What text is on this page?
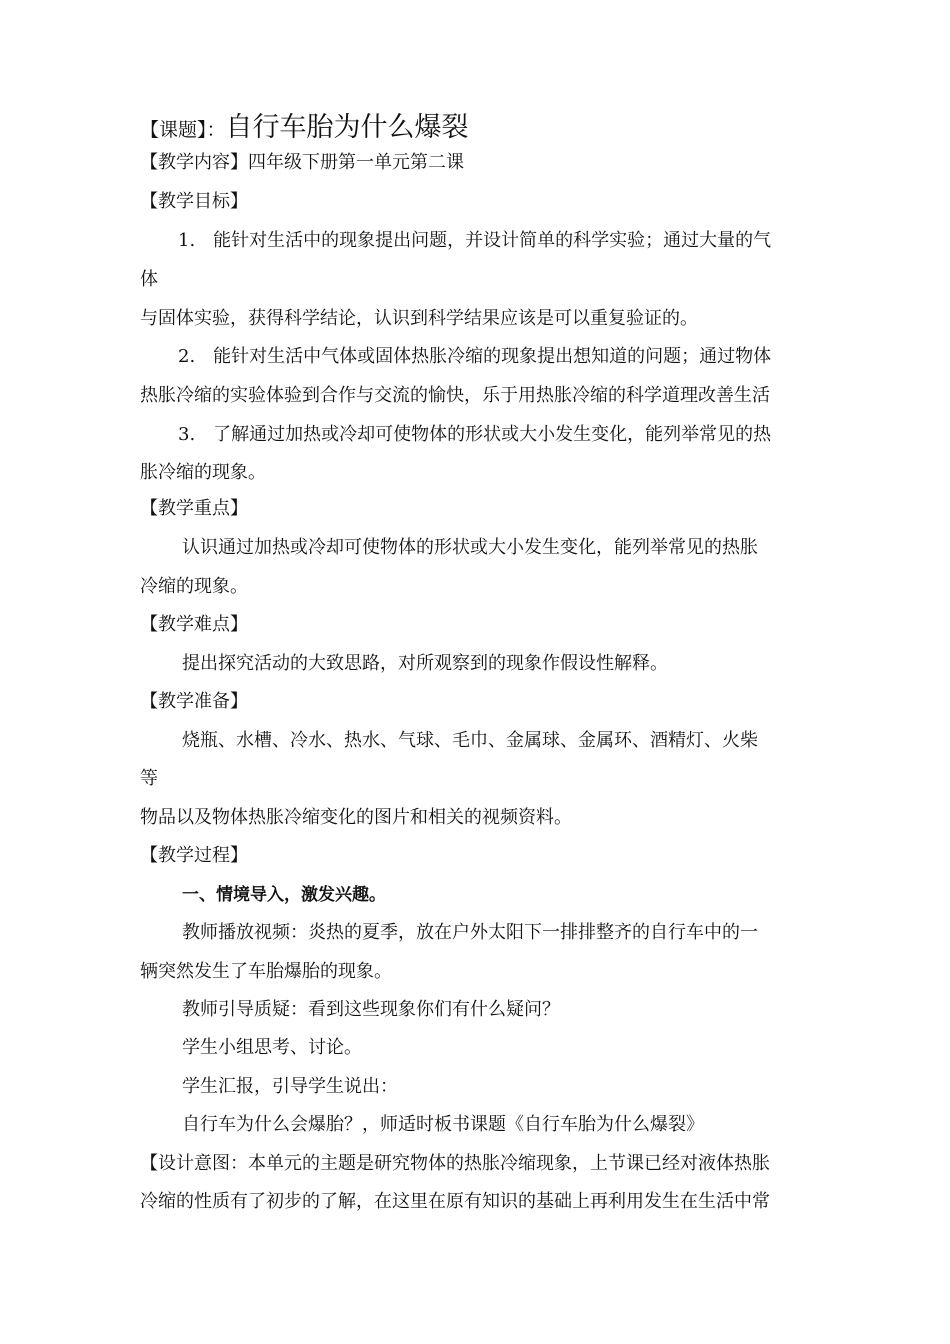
【课题】：自行车胎为什么爆裂
【教学内容】四年级下册第一单元第二课
【教学目标】
1.　能针对生活中的现象提出问题，并设计简单的科学实验；通过大量的气
体
与固体实验，获得科学结论，认识到科学结果应该是可以重复验证的。
2.　能针对生活中气体或固体热胀冷缩的现象提出想知道的问题；通过物体
热胀冷缩的实验体验到合作与交流的愉快，乐于用热胀冷缩的科学道理改善生活
3.　了解通过加热或冷却可使物体的形状或大小发生变化，能列举常见的热
胀冷缩的现象。
【教学重点】
认识通过加热或冷却可使物体的形状或大小发生变化，能列举常见的热胀
冷缩的现象。
【教学难点】
提出探究活动的大致思路，对所观察到的现象作假设性解释。
【教学准备】
烧瓶、水槽、冷水、热水、气球、毛巾、金属球、金属环、酒精灯、火柴
等
物品以及物体热胀冷缩变化的图片和相关的视频资料。
【教学过程】
一、情境导入，激发兴趣。
教师播放视频：炎热的夏季，放在户外太阳下一排排整齐的自行车中的一
辆突然发生了车胎爆胎的现象。
教师引导质疑：看到这些现象你们有什么疑问？
学生小组思考、讨论。
学生汇报，引导学生说出：
自行车为什么会爆胎？，师适时板书课题《自行车胎为什么爆裂》
【设计意图：本单元的主题是研究物体的热胀冷缩现象，上节课已经对液体热胀
冷缩的性质有了初步的了解，在这里在原有知识的基础上再利用发生在生活中常
